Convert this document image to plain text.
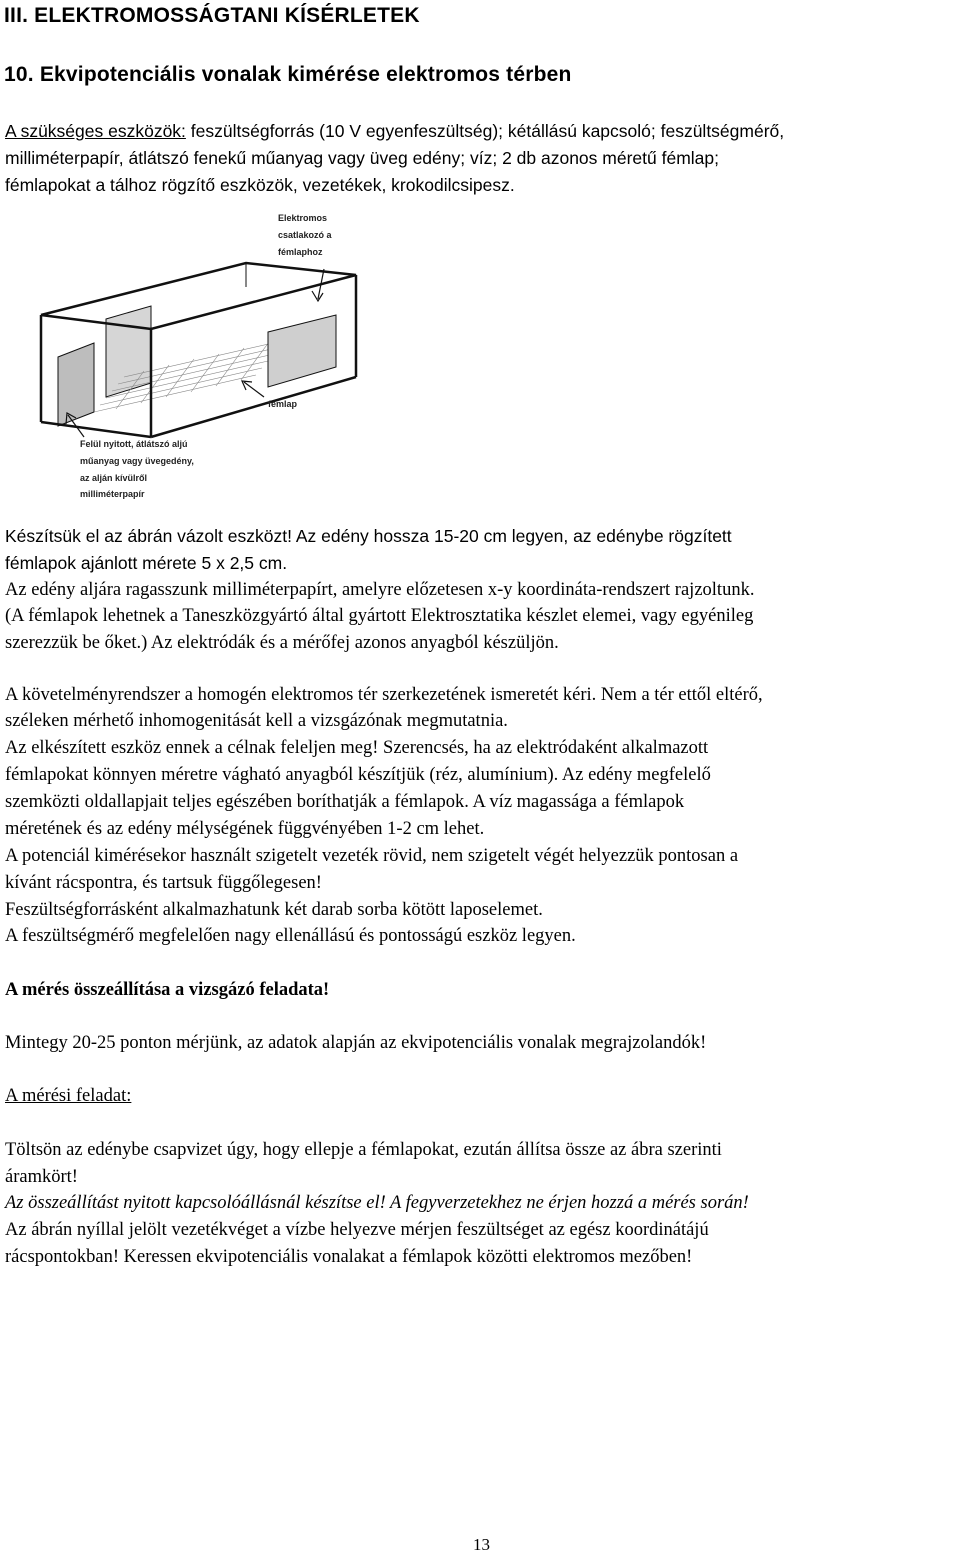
III. ELEKTROMOSSÁGTANI KÍSÉRLETEK
10. Ekvipotenciális vonalak kimérése elektromos térben
A szükséges eszközök: feszültségforrás (10 V egyenfeszültség); kétállású kapcsoló; feszültségmérő,
milliméterpapír, átlátszó fenekű műanyag vagy üveg edény; víz; 2 db azonos méretű fémlap;
fémlapokat a tálhoz rögzítő eszközök, vezetékek, krokodilcsipesz.
Elektromos
csatlakozó a
fémlaphoz
fémlap
Felül nyitott, átlátszó aljú
műanyag vagy üvegedény,
az alján kívülről
milliméterpapír
Készítsük el az ábrán vázolt eszközt! Az edény hossza 15-20 cm legyen, az edénybe rögzített
fémlapok ajánlott mérete 5 x 2,5 cm.
Az edény aljára ragasszunk milliméterpapírt, amelyre előzetesen x-y koordináta-rendszert rajzoltunk.
(A fémlapok lehetnek a Taneszközgyártó által gyártott Elektrosztatika készlet elemei, vagy egyénileg
szerezzük be őket.) Az elektródák és a mérőfej azonos anyagból készüljön.
A követelményrendszer a homogén elektromos tér szerkezetének ismeretét kéri. Nem a tér ettől eltérő,
széleken mérhető inhomogenitását kell a vizsgázónak megmutatnia.
Az elkészített eszköz ennek a célnak feleljen meg! Szerencsés, ha az elektródaként alkalmazott
fémlapokat könnyen méretre vágható anyagból készítjük (réz, alumínium). Az edény megfelelő
szemközti oldallapjait teljes egészében boríthatják a fémlapok. A víz magassága a fémlapok
méretének és az edény mélységének függvényében 1-2 cm lehet.
A potenciál kimérésekor használt szigetelt vezeték rövid, nem szigetelt végét helyezzük pontosan a
kívánt rácspontra, és tartsuk függőlegesen!
Feszültségforrásként alkalmazhatunk két darab sorba kötött laposelemet.
A feszültségmérő megfelelően nagy ellenállású és pontosságú eszköz legyen.
A mérés összeállítása a vizsgázó feladata!
Mintegy 20-25 ponton mérjünk, az adatok alapján az ekvipotenciális vonalak megrajzolandók!
A mérési feladat:
Töltsön az edénybe csapvizet úgy, hogy ellepje a fémlapokat, ezután állítsa össze az ábra szerinti
áramkört!
Az összeállítást nyitott kapcsolóállásnál készítse el! A fegyverzetekhez ne érjen hozzá a mérés során!
Az ábrán nyíllal jelölt vezetékvéget a vízbe helyezve mérjen feszültséget az egész koordinátájú
rácspontokban! Keressen ekvipotenciális vonalakat a fémlapok közötti elektromos mezőben!
13
